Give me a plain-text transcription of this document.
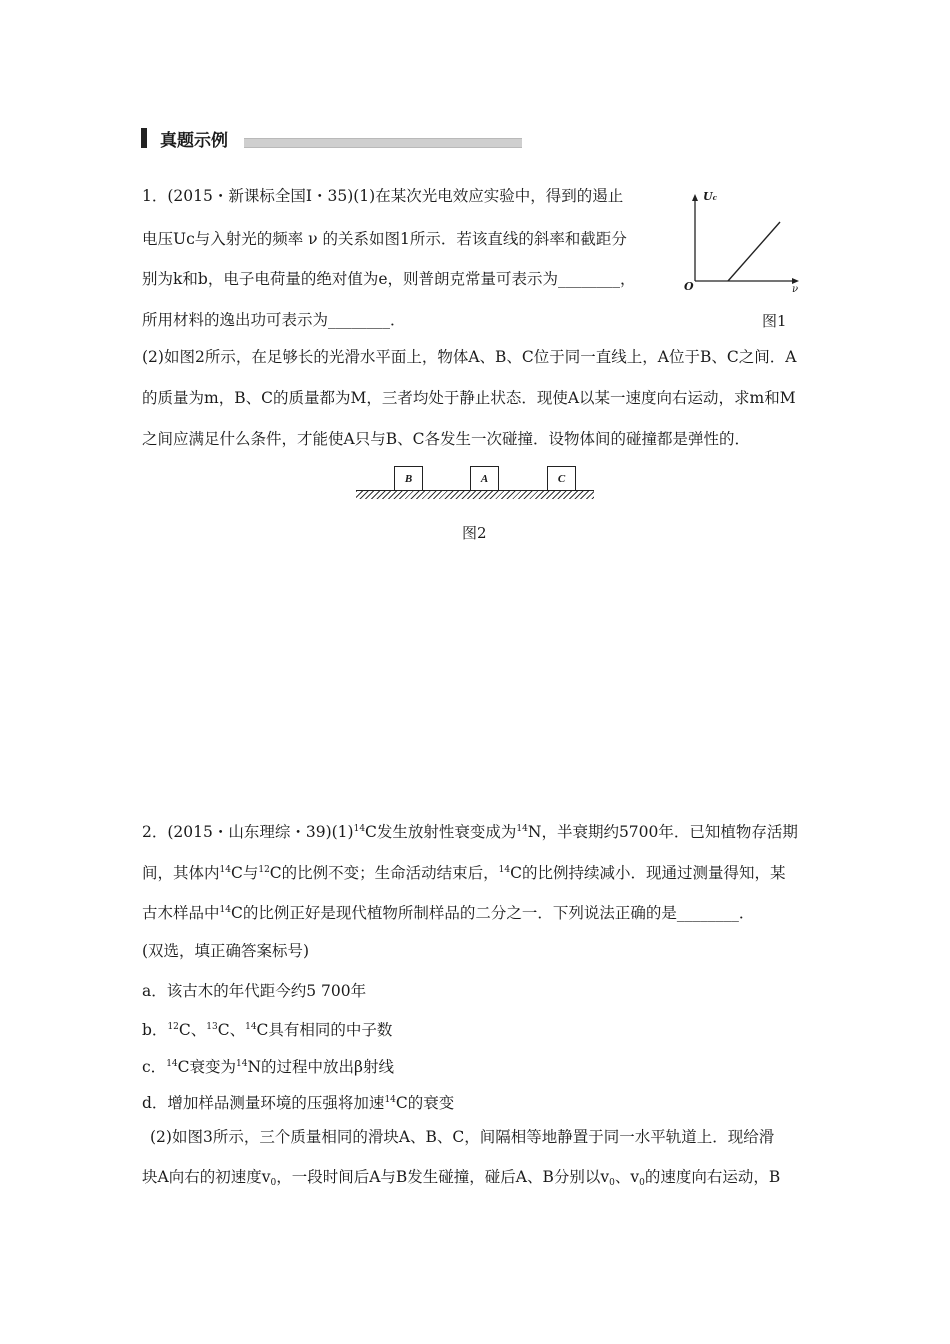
真题示例
1．(2015・新课标全国Ⅰ・35)(1)在某次光电效应实验中，得到的遏止
电压Uᴄ与入射光的频率 ν 的关系如图1所示．若该直线的斜率和截距分
别为k和b，电子电荷量的绝对值为e，则普朗克常量可表示为________，
所用材料的逸出功可表示为________．
Uc
O	ν
图1
(2)如图2所示，在足够长的光滑水平面上，物体A、B、C位于同一直线上，A位于B、C之间．A
的质量为m，B、C的质量都为M，三者均处于静止状态．现使A以某一速度向右运动，求m和M
之间应满足什么条件，才能使A只与B、C各发生一次碰撞．设物体间的碰撞都是弹性的．
B	A	C
图2
2．(2015・山东理综・$39)(1)^{14}C$发生放射性衰变成为$^{14}$N，半衰期约5700年．已知植物存活期
间，其体内$^{14}$C与$^{12}$C的比例不变；生命活动结束后，$^{14}$C的比例持续减小．现通过测量得知，某
古木样品中$^{14}$C的比例正好是现代植物所制样品的二分之一．下列说法正确的是________．
(双选，填正确答案标号)
a．该古木的年代距今约5 700年
b．$^{12}$C、$^{13}$C、$^{14}$C具有相同的中子数
c．$^{14}$C衰变为$^{14}$N的过程中放出β射线
d．增加样品测量环境的压强将加速$^{14}$C的衰变
(2)如图3所示，三个质量相同的滑块A、B、C，间隔相等地静置于同一水平轨道上．现给滑
块A向右的初速度$v_0$，一段时间后A与B发生碰撞，碰后A、B分别以$v_0$、$v_0$的速度向右运动，B
